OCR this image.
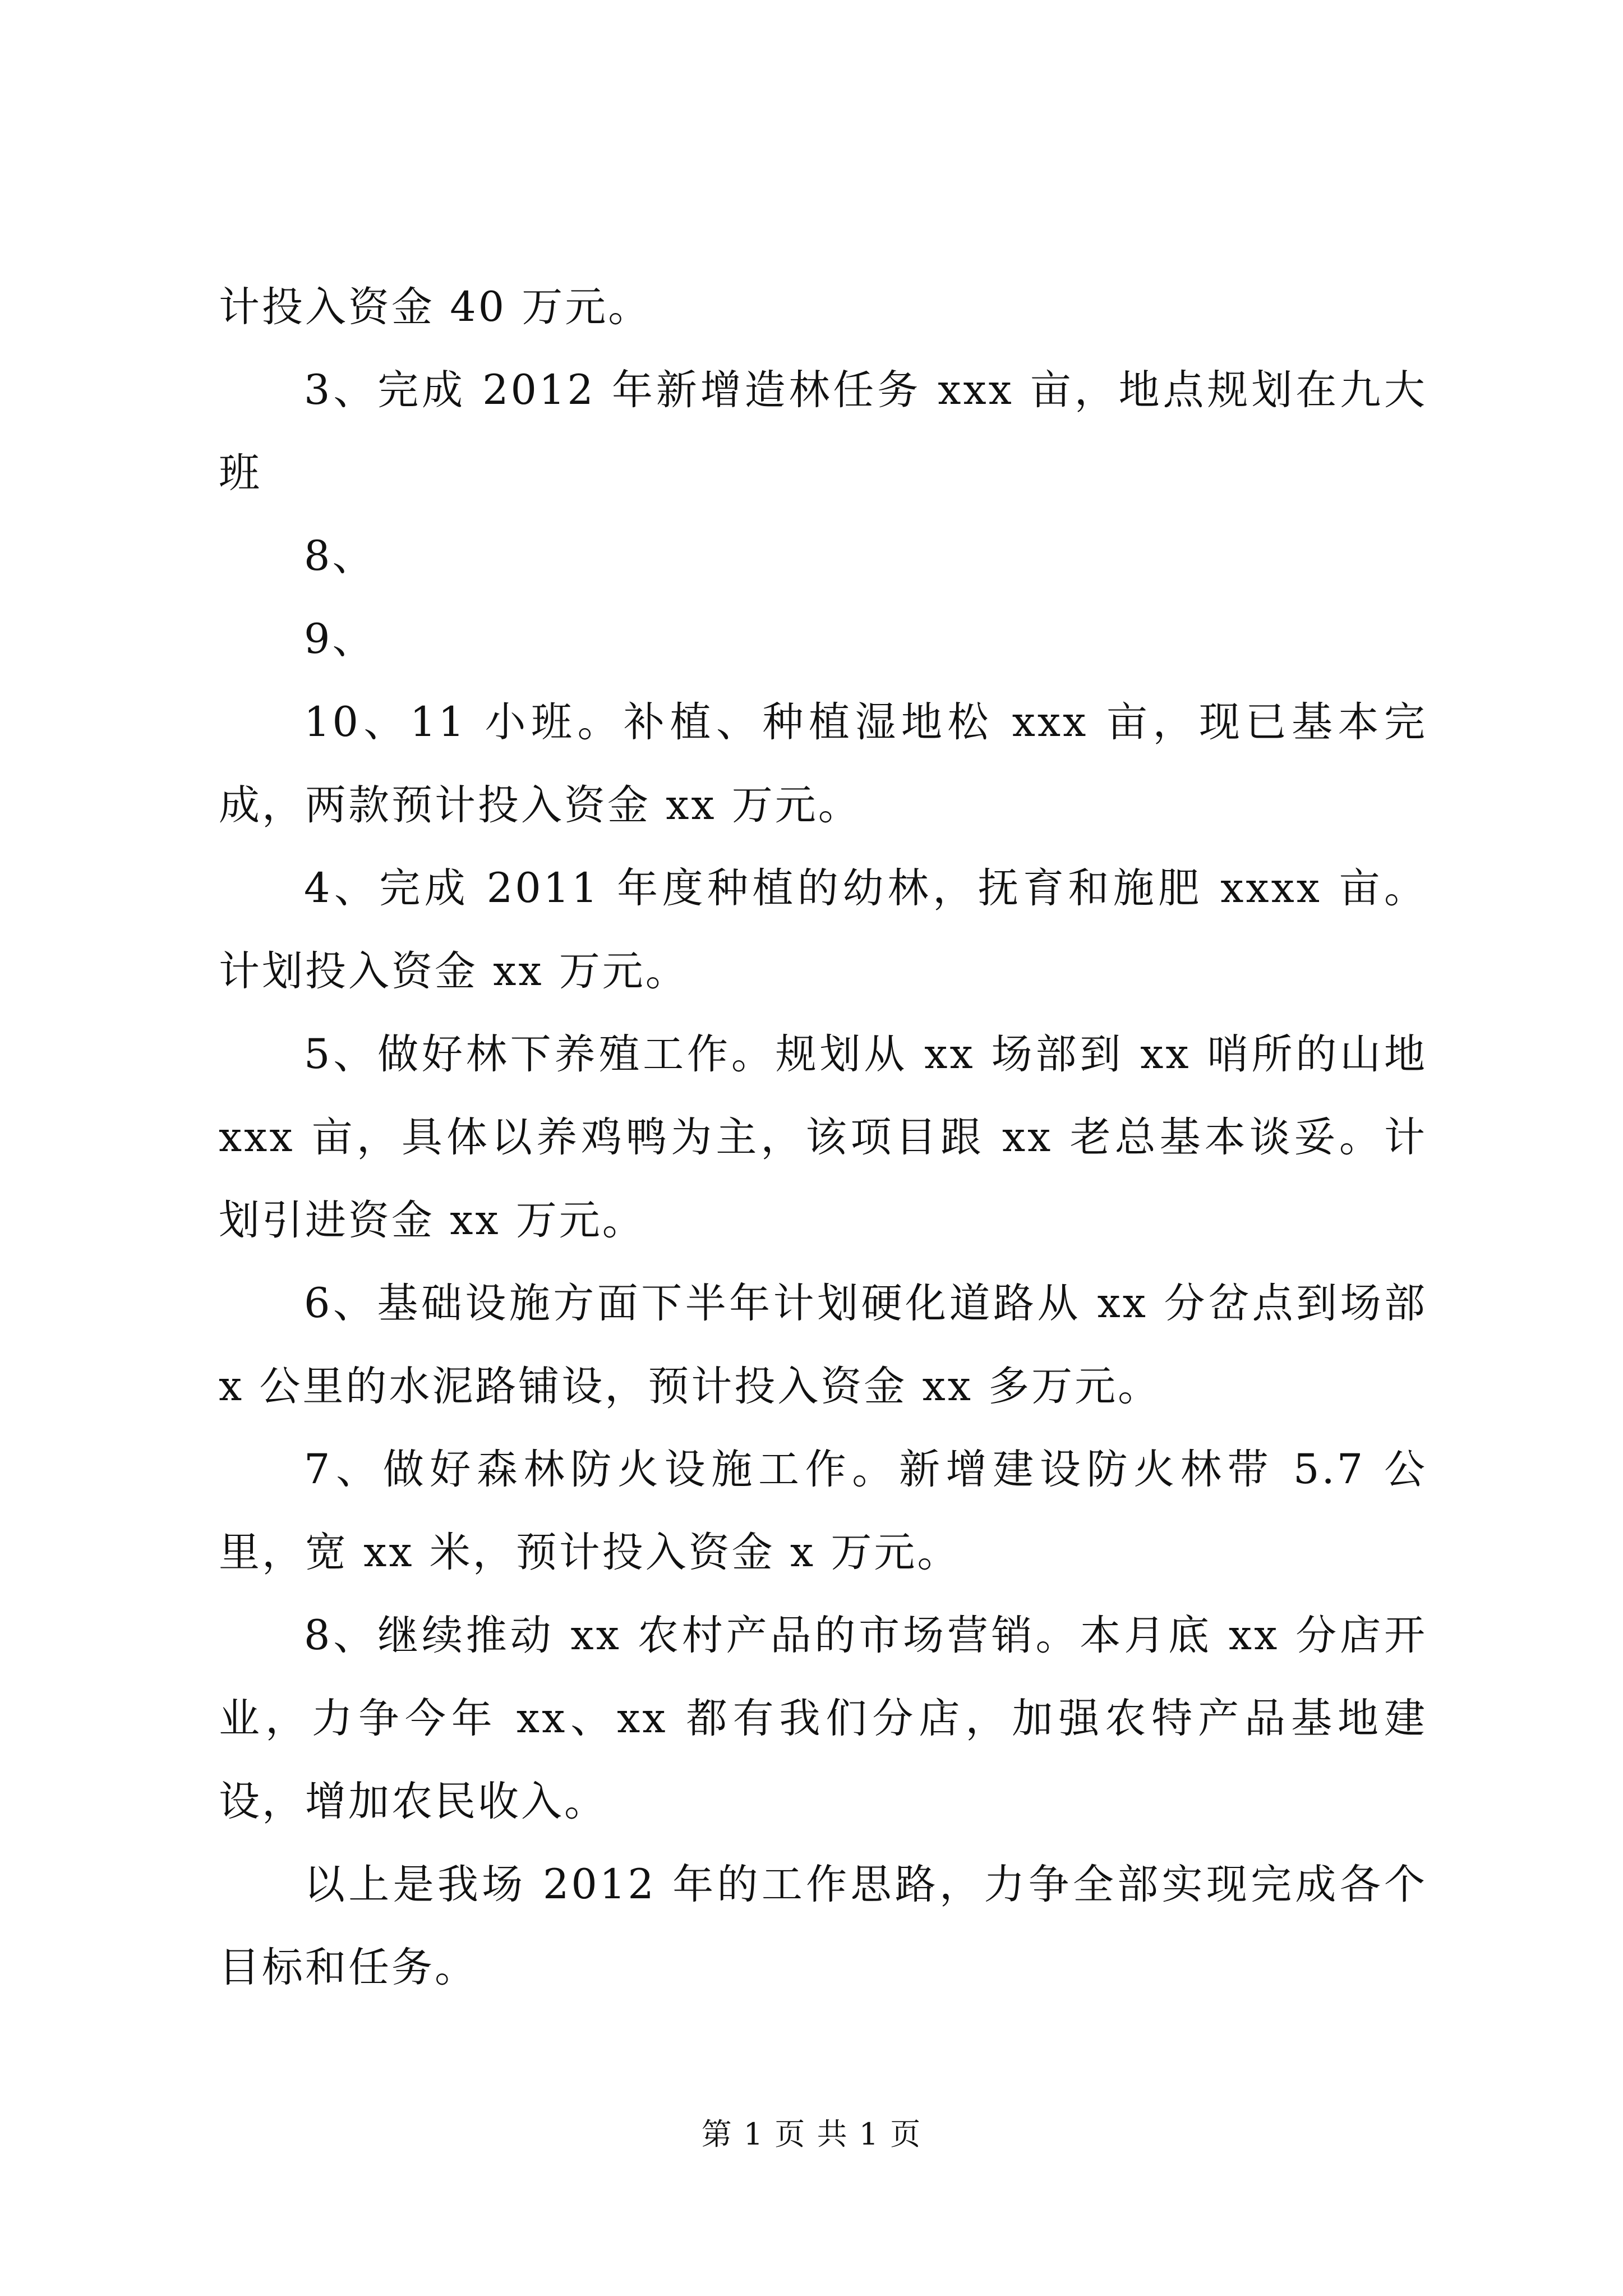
计投入资金 40 万元。

3、完成 2012 年新增造林任务 xxx 亩，地点规划在九大班

8、

9、

10、11 小班。补植、种植湿地松 xxx 亩，现已基本完成，两款预计投入资金 xx 万元。

4、完成 2011 年度种植的幼林，抚育和施肥 xxxx 亩。计划投入资金 xx 万元。

5、做好林下养殖工作。规划从 xx 场部到 xx 哨所的山地 xxx 亩，具体以养鸡鸭为主，该项目跟 xx 老总基本谈妥。计划引进资金 xx 万元。

6、基础设施方面下半年计划硬化道路从 xx 分岔点到场部 x 公里的水泥路铺设，预计投入资金 xx 多万元。

7、做好森林防火设施工作。新增建设防火林带 5.7 公里，宽 xx 米，预计投入资金 x 万元。

8、继续推动 xx 农村产品的市场营销。本月底 xx 分店开业，力争今年 xx、xx 都有我们分店，加强农特产品基地建设，增加农民收入。

以上是我场 2012 年的工作思路，力争全部实现完成各个目标和任务。

第 1 页 共 1 页
